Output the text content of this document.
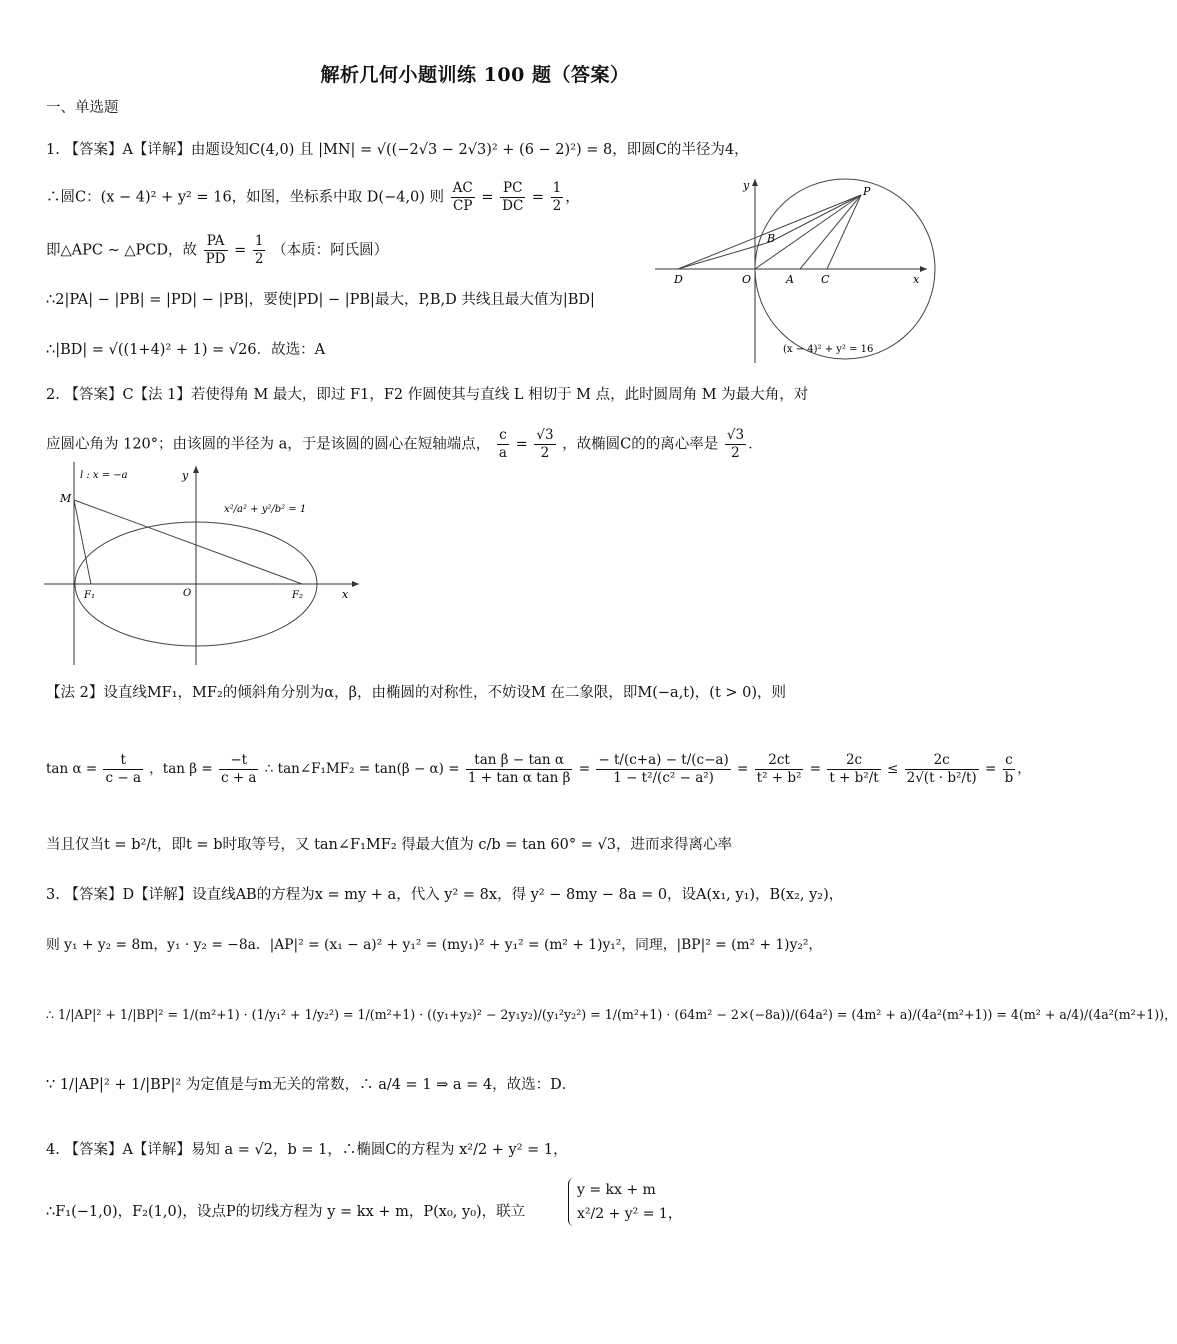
解析几何小题训练 100 题（答案）
一、单选题
1. 【答案】A【详解】由题设知C(4,0) 且 |MN| = √((−2√3 − 2√3)² + (6 − 2)²) = 8，即圆C的半径为4，
∴圆C：(x − 4)² + y² = 16，如图，坐标系中取 D(−4,0) 则 $\frac{AC}{CP} = \frac{PC}{DC} = \frac{1}{2}$ ，
即△APC ∼ △PCD，故 $\frac{PA}{PD} = \frac{1}{2}$ （本质：阿氏圆）
∴2|PA| − |PB| = |PD| − |PB|，要使|PD| − |PB|最大，P,B,D 共线且最大值为|BD|
∴|BD| = √((1+4)² + 1) = √26．故选：A
y
x
P
B
D	O	A C
(x − 4)² + y² = 16
2. 【答案】C【法 1】若使得角 M 最大，即过 F1，F2 作圆使其与直线 L 相切于 M 点，此时圆周角 M 为最大角，对
应圆心角为 120°；由该圆的半径为 a，于是该圆的圆心在短轴端点， $\frac{c}{a} = \frac{√3}{2}$ ，故椭圆C的的离心率是 $\frac{√3}{2}$ ．
l : x = −a	y
x
M
F₁	O	F₂
x²/a² + y²/b² = 1
【法 2】设直线MF₁，MF₂的倾斜角分别为α，β，由椭圆的对称性，不妨设M 在二象限，即M(−a,t)，(t > 0)，则
$\tan \alpha = \frac{t}{c - a}$ ，$\tan \beta = \frac{-t}{c + a}$ ∴ tan∠F₁MF₂ = $\tan(\beta - \alpha) = \frac{\text{tan β − tan α}}{\text{1 + tan α tan β}} = \frac{- t/(c+a) - t/(c-a)}{\text{1 − t²/(c² − a²)}} = \frac{2ct}{\text{t² + b²}} = \frac{2c}{\text{t + b²/t}} \le \frac{2c}{\text{2√(t · b²/t)}} = \frac{c}{b}$ ，
当且仅当t = b²/t，即t = b时取等号，又 tan∠F₁MF₂ 得最大值为 c/b = tan 60° = √3，进而求得离心率
3. 【答案】D【详解】设直线AB的方程为x = my + a，代入 y² = 8x，得 y² − 8my − 8a = 0，设A(x₁, y₁)，B(x₂, y₂)，
则 y₁ + y₂ = 8m，y₁ · y₂ = −8a．|AP|² = (x₁ − a)² + y₁² = (my₁)² + y₁² = (m² + 1)y₁²，同理，|BP|² = (m² + 1)y₂²，
∴ 1/|AP|² + 1/|BP|² = 1/(m²+1) · (1/y₁² + 1/y₂²) = 1/(m²+1) · ((y₁+y₂)² − 2y₁y₂)/(y₁²y₂²) = 1/(m²+1) · (64m² − 2×(−8a))/(64a²) = (4m² + a)/(4a²(m²+1)) = 4(m² + a/4)/(4a²(m²+1))，
∵ 1/|AP|² + 1/|BP|² 为定值是与m无关的常数，∴ a/4 = 1 ⇒ a = 4，故选：D．
4. 【答案】A【详解】易知 a = √2，b = 1，∴椭圆C的方程为 x²/2 + y² = 1，
∴F₁(−1,0)，F₂(1,0)，设点P的切线方程为 y = kx + m，P(x₀, y₀)，联立
y = kx + m
x²/2 + y² = 1，
